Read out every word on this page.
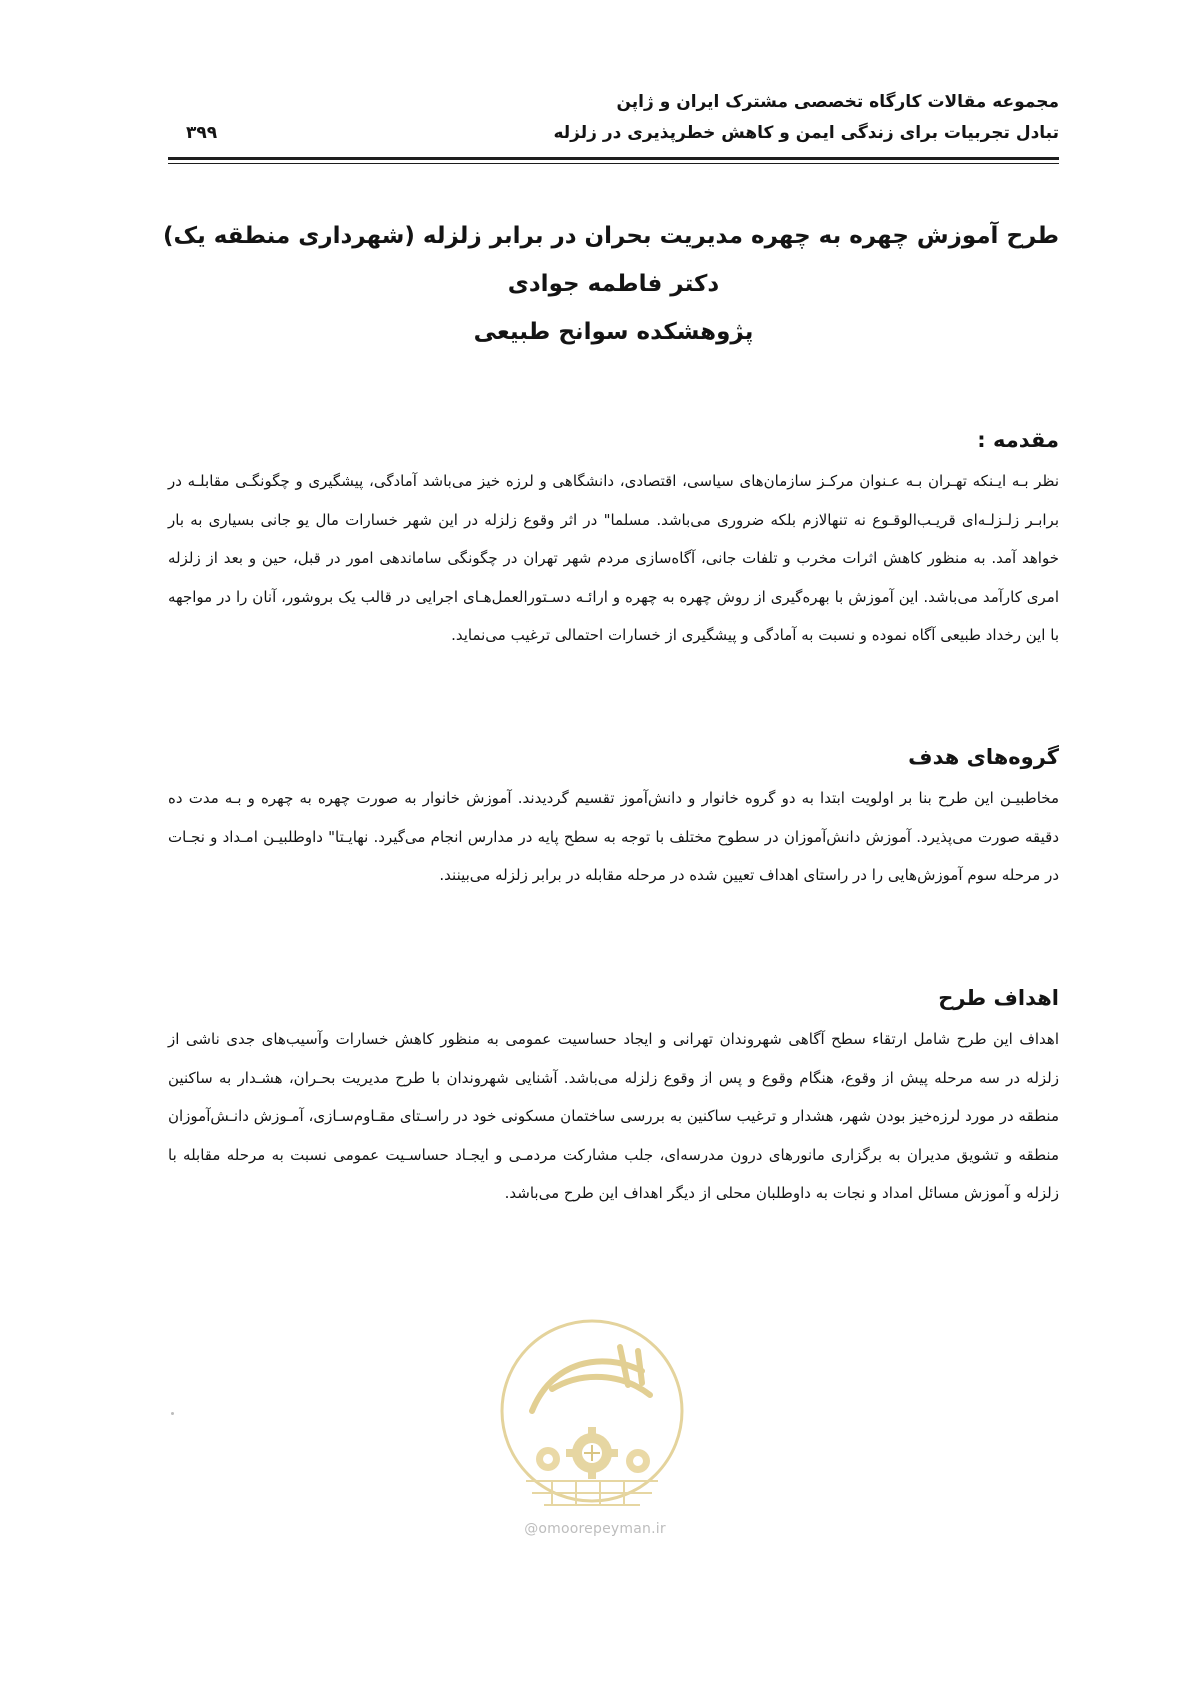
مجموعه مقالات کارگاه تخصصی مشترک ایران و ژاپن
تبادل تجربیات برای زندگی ایمن و کاهش خطرپذیری در زلزله
۳۹۹
طرح آموزش چهره به چهره مدیریت بحران در برابر زلزله (شهرداری منطقه یک)
دکتر فاطمه جوادی
پژوهشکده سوانح طبیعی
مقدمه :

نظر بـه ایـنکه تهـران بـه عـنوان مرکـز سازمان‌های سیاسی، اقتصادی، دانشگاهی و لرزه خیز می‌باشد آمادگی، پیشگیری و چگونگـی مقابلـه در برابـر زلـزلـه‌ای قریـب‌الوقـوع نه تنهالازم بلکه ضروری می‌باشد. مسلما" در اثر وقوع زلزله در این شهر خسارات مال یو جانی بسیاری به بار خواهد آمد. به منظور کاهش اثرات مخرب و تلفات جانی، آگاه‌سازی مردم شهر تهران در چگونگی ساماندهی امور در قبل، حین و بعد از زلزله امری کارآمد می‌باشد. این آموزش با بهره‌گیری از روش چهره به چهره و ارائـه دسـتورالعمل‌هـای اجرایی در قالب یک بروشور، آنان را در مواجهه با این رخداد طبیعی آگاه نموده و نسبت به آمادگی و پیشگیری از خسارات احتمالی ترغیب می‌نماید.

گروه‌های هدف

مخاطبیـن این طرح بنا بر اولویت ابتدا به دو گروه خانوار و دانش‌آموز تقسیم گردیدند. آموزش خانوار به صورت چهره به چهره و بـه مدت ده دقیقه صورت می‌پذیرد. آموزش دانش‌آموزان در سطوح مختلف با توجه به سطح پایه در مدارس انجام می‌گیرد. نهایـتا" داوطلبیـن امـداد و نجـات در مرحله سوم آموزش‌هایی را در راستای اهداف تعیین شده در مرحله مقابله در برابر زلزله می‌بینند.

اهداف طرح

اهداف این طرح شامل ارتقاء سطح آگاهی شهروندان تهرانی و ایجاد حساسیت عمومی به منظور کاهش خسارات وآسیب‌های جدی ناشی از زلزله در سه مرحله پیش از وقوع، هنگام وقوع و پس از وقوع زلزله می‌باشد. آشنایی شهروندان با طرح مدیریت بحـران، هشـدار به ساکنین منطقه در مورد لرزه‌خیز بودن شهر، هشدار و ترغیب ساکنین به بررسی ساختمان مسکونی خود در راسـتای مقـاوم‌سـازی، آمـوزش دانـش‌آموزان منطقه و تشویق مدیران به برگزاری مانورهای درون مدرسه‌ای، جلب مشارکت مردمـی و ایجـاد حساسـیت عمومی نسبت به مرحله مقابله با زلزله و آموزش مسائل امداد و نجات به داوطلبان محلی از دیگر اهداف این طرح می‌باشد.

@omoorepeyman.ir
